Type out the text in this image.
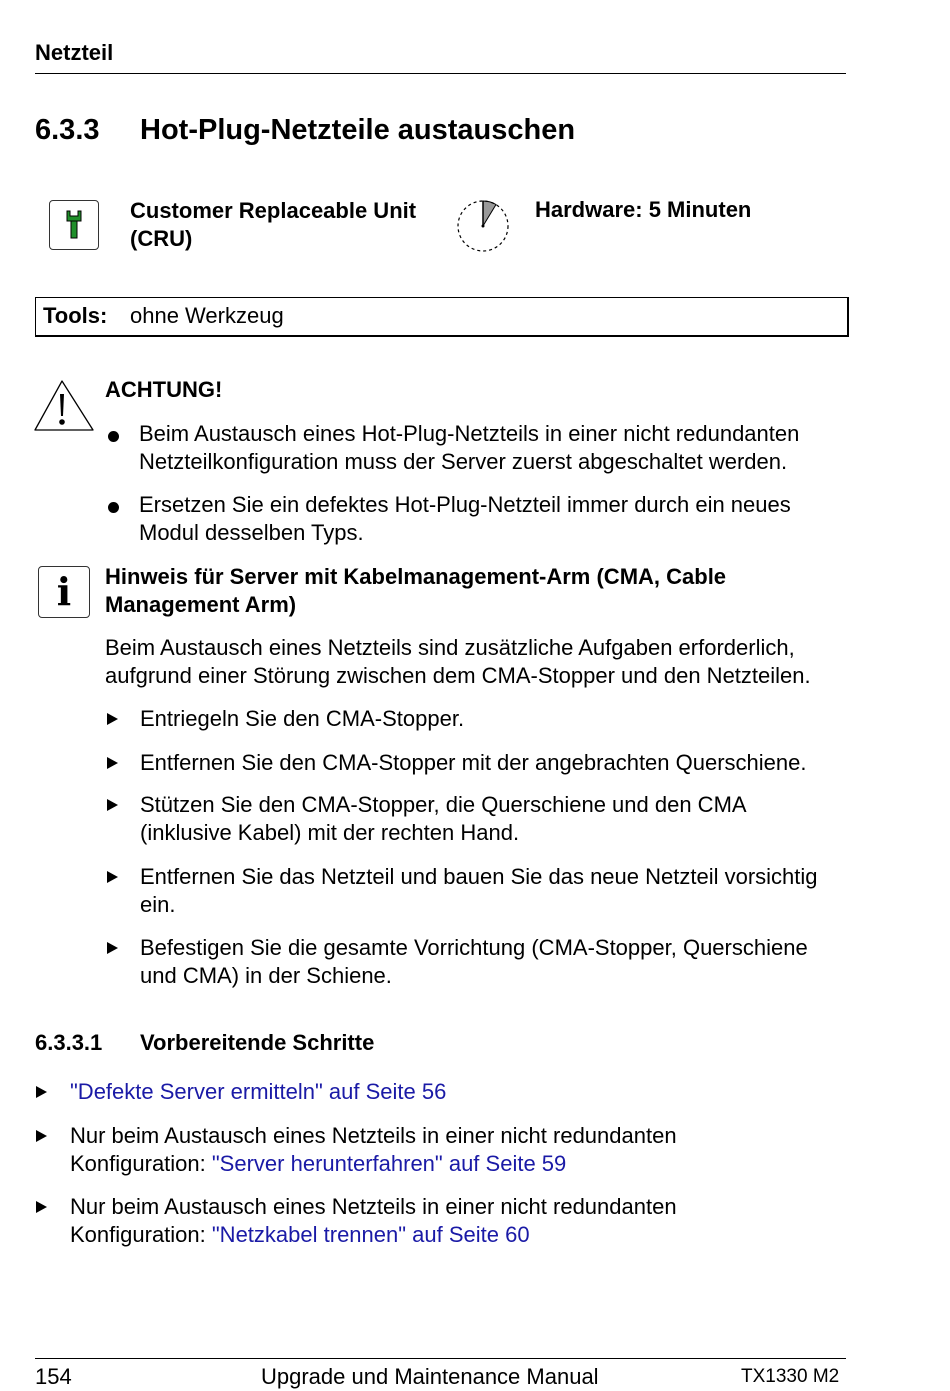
Netzteil
6.3.3 Hot-Plug-Netzteile austauschen
Customer Replaceable Unit
(CRU)
Hardware: 5 Minuten
Tools: ohne Werkzeug
ACHTUNG!
Beim Austausch eines Hot-Plug-Netzteils in einer nicht redundanten
Netzteilkonfiguration muss der Server zuerst abgeschaltet werden.
Ersetzen Sie ein defektes Hot-Plug-Netzteil immer durch ein neues
Modul desselben Typs.
i	Hinweis für Server mit Kabelmanagement-Arm (CMA, Cable
Management Arm)
Beim Austausch eines Netzteils sind zusätzliche Aufgaben erforderlich,
aufgrund einer Störung zwischen dem CMA-Stopper und den Netzteilen.
Entriegeln Sie den CMA-Stopper.
Entfernen Sie den CMA-Stopper mit der angebrachten Querschiene.
Stützen Sie den CMA-Stopper, die Querschiene und den CMA
(inklusive Kabel) mit der rechten Hand.
Entfernen Sie das Netzteil und bauen Sie das neue Netzteil vorsichtig
ein.
Befestigen Sie die gesamte Vorrichtung (CMA-Stopper, Querschiene
und CMA) in der Schiene.
6.3.3.1 Vorbereitende Schritte
"Defekte Server ermitteln" auf Seite 56
Nur beim Austausch eines Netzteils in einer nicht redundanten
Konfiguration: "Server herunterfahren" auf Seite 59
Nur beim Austausch eines Netzteils in einer nicht redundanten
Konfiguration: "Netzkabel trennen" auf Seite 60
154	Upgrade und Maintenance Manual	TX1330 M2
